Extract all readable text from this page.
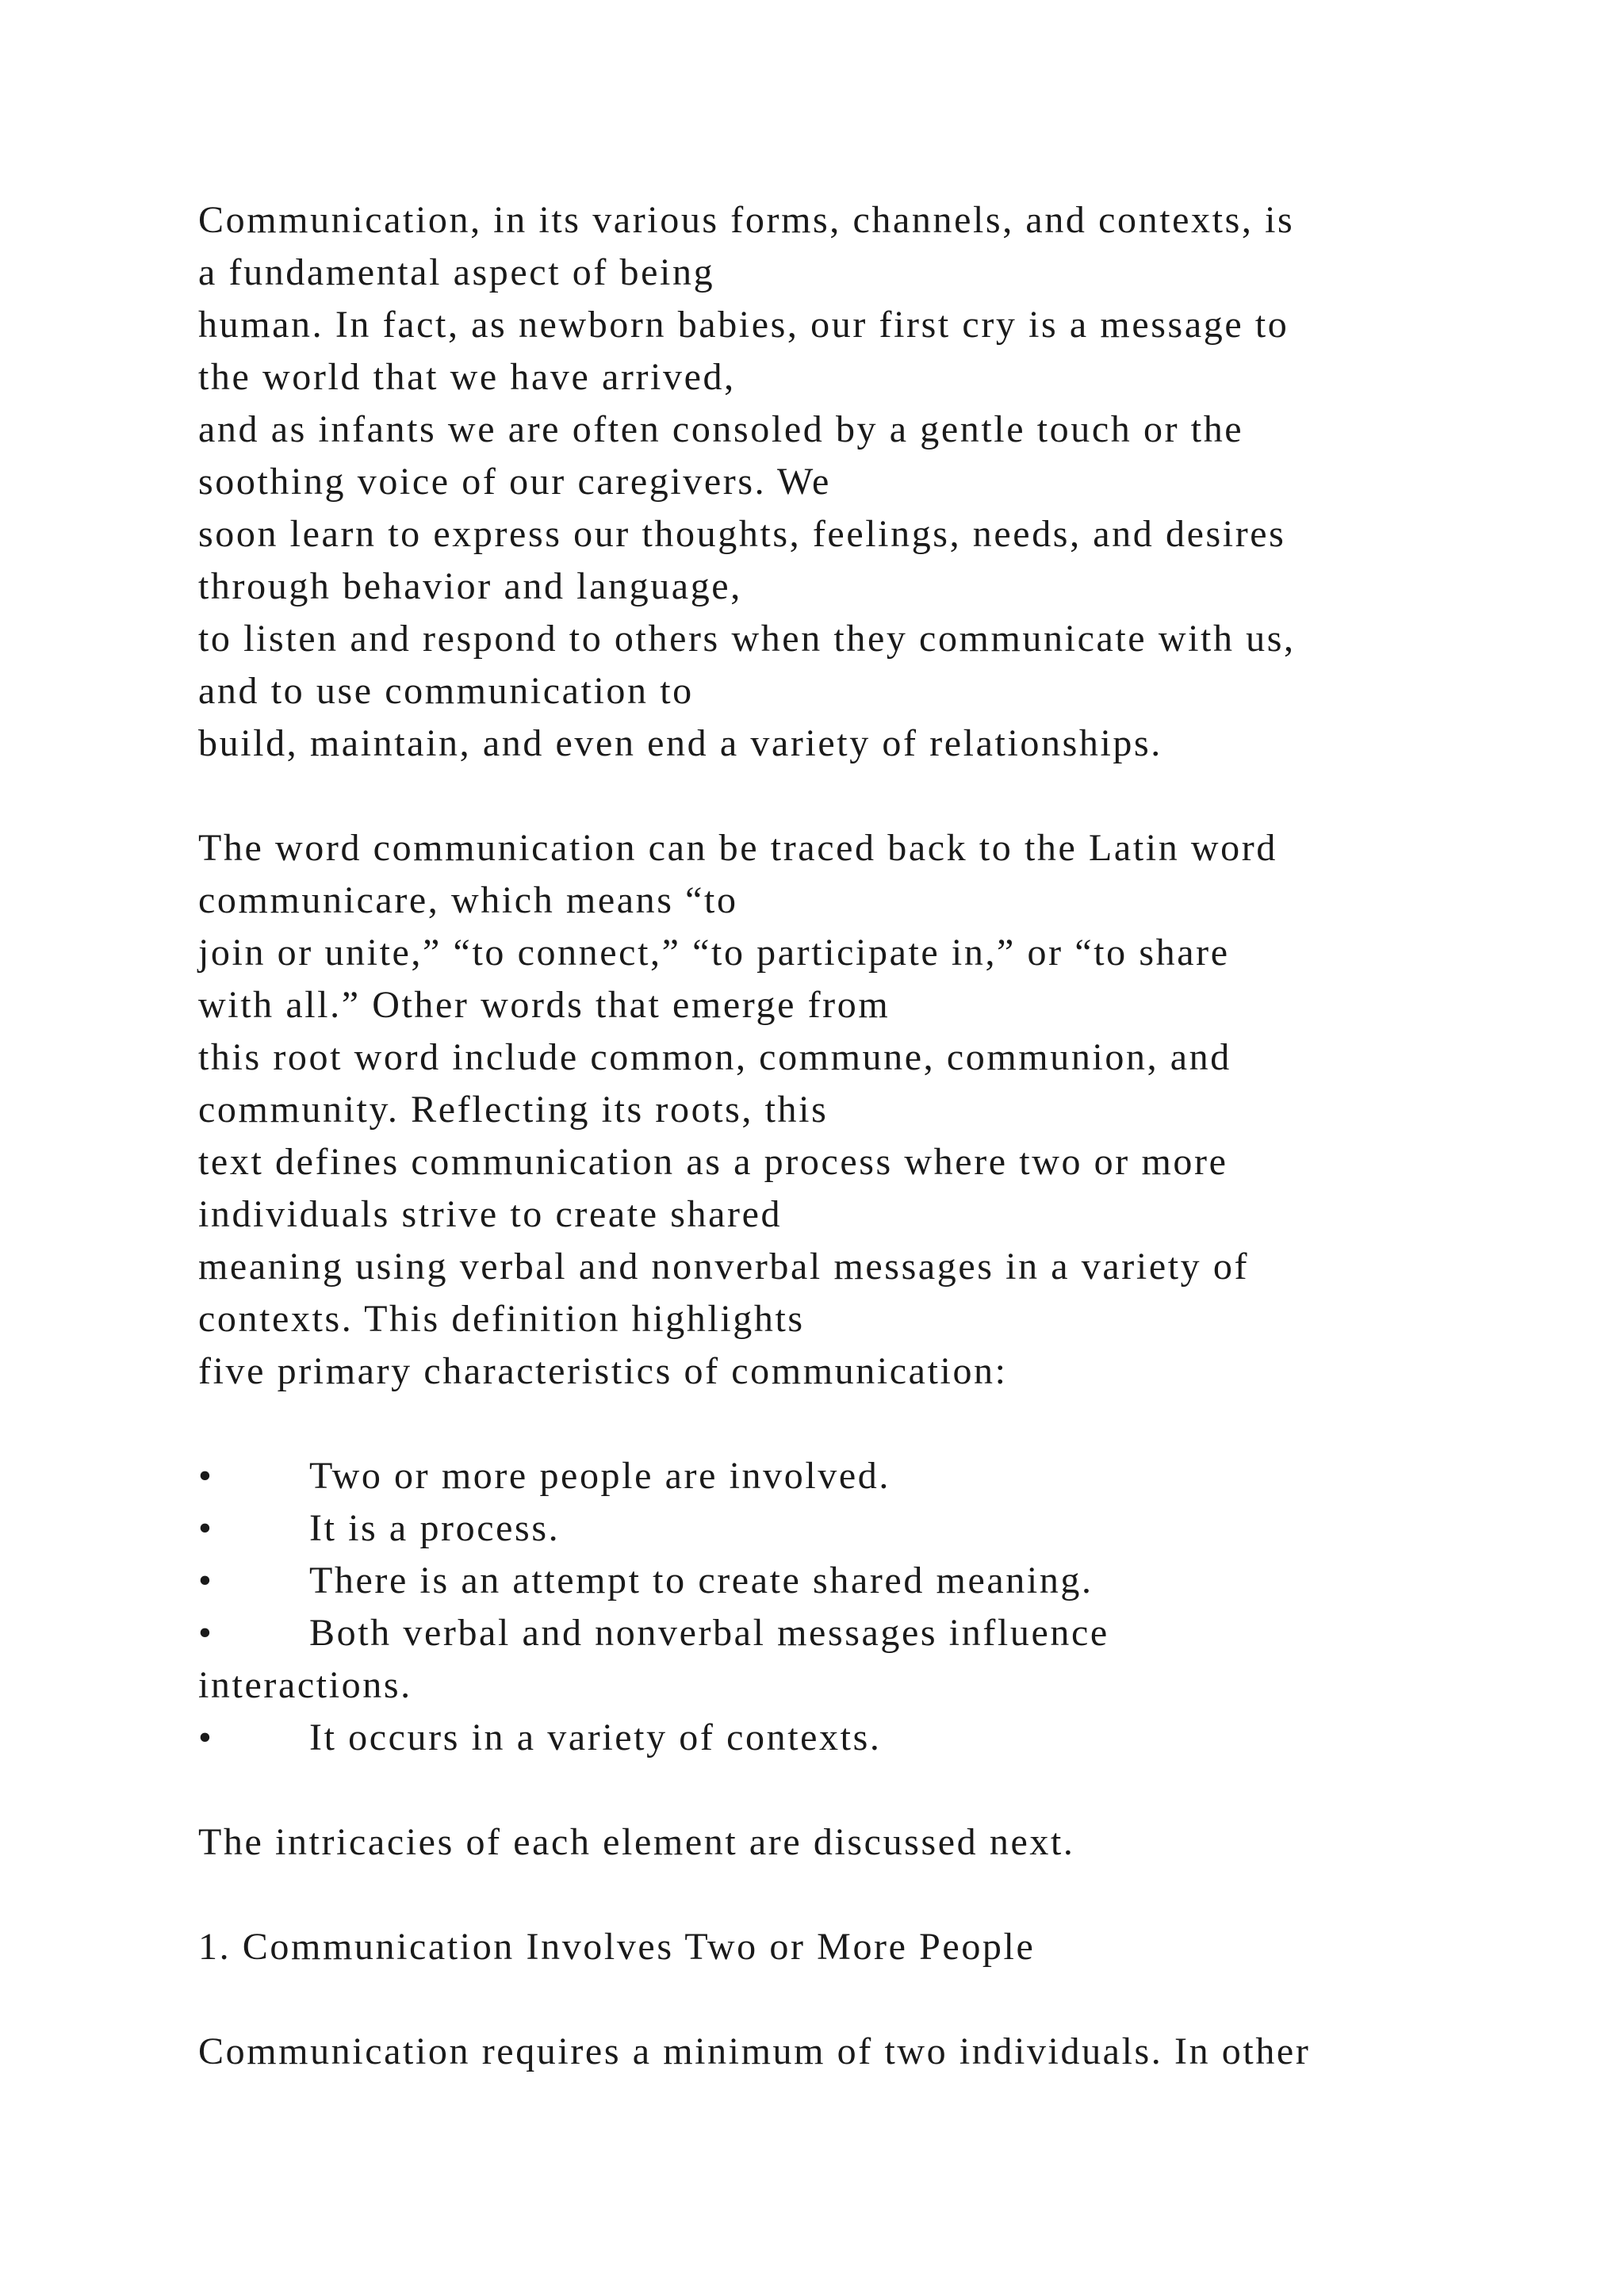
Communication, in its various forms, channels, and contexts, is
a fundamental aspect of being
human. In fact, as newborn babies, our first cry is a message to
the world that we have arrived,
and as infants we are often consoled by a gentle touch or the
soothing voice of our caregivers. We
soon learn to express our thoughts, feelings, needs, and desires
through behavior and language,
to listen and respond to others when they communicate with us,
and to use communication to
build, maintain, and even end a variety of relationships.
The word communication can be traced back to the Latin word
communicare, which means “to
join or unite,” “to connect,” “to participate in,” or “to share
with all.” Other words that emerge from
this root word include common, commune, communion, and
community. Reflecting its roots, this
text defines communication as a process where two or more
individuals strive to create shared
meaning using verbal and nonverbal messages in a variety of
contexts. This definition highlights
five primary characteristics of communication:
•	Two or more people are involved.
•	It is a process.
•	There is an attempt to create shared meaning.
•	Both verbal and nonverbal messages influence
interactions.
•	It occurs in a variety of contexts.
The intricacies of each element are discussed next.
1. Communication Involves Two or More People
Communication requires a minimum of two individuals. In other
